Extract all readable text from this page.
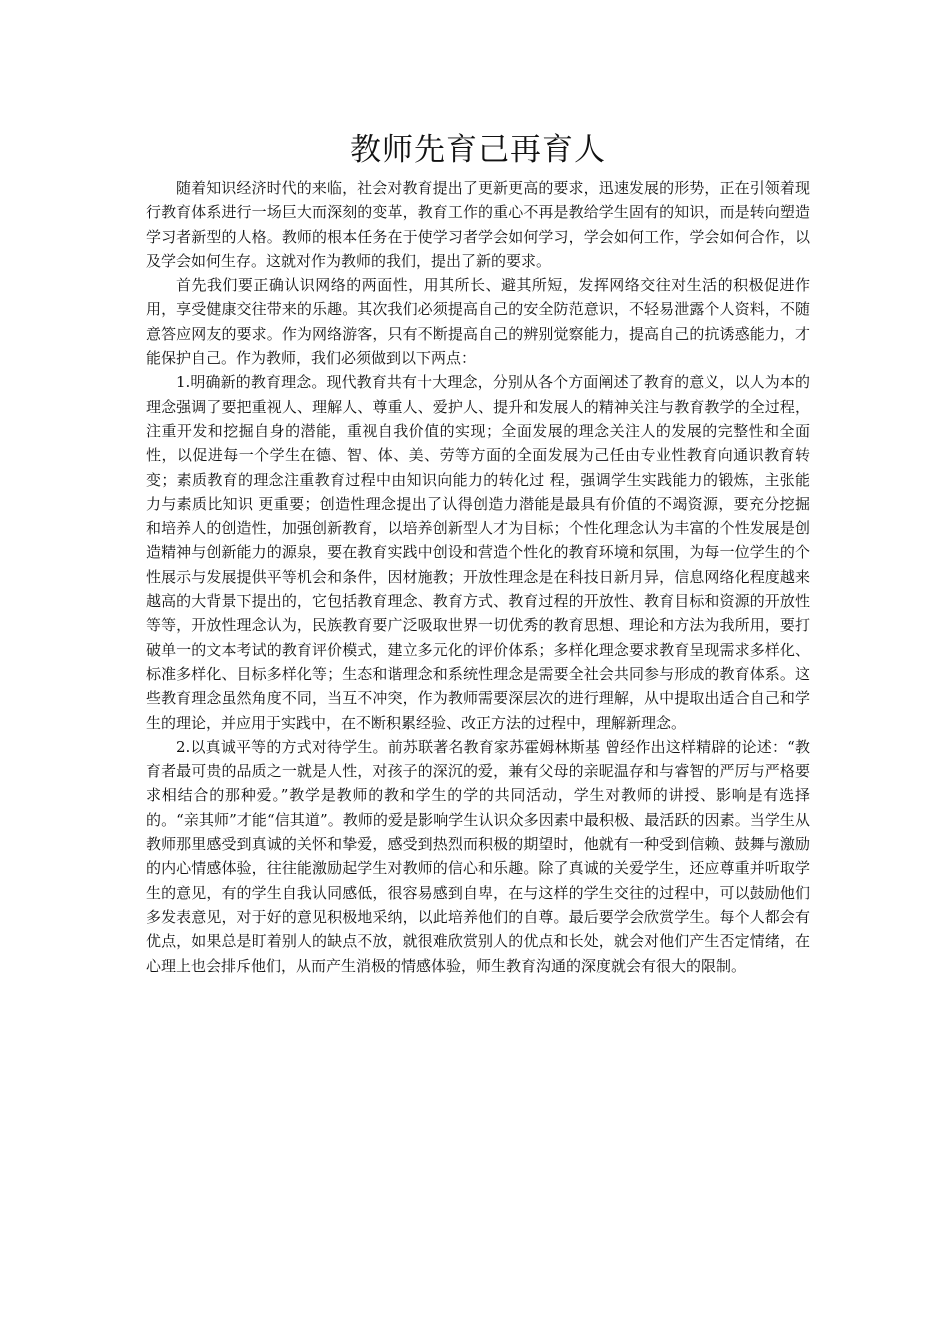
教师先育己再育人

随着知识经济时代的来临，社会对教育提出了更新更高的要求，迅速发展的形势，正在引领着现行教育体系进行一场巨大而深刻的变革，教育工作的重心不再是教给学生固有的知识，而是转向塑造学习者新型的人格。教师的根本任务在于使学习者学会如何学习，学会如何工作，学会如何合作，以及学会如何生存。这就对作为教师的我们，提出了新的要求。

首先我们要正确认识网络的两面性，用其所长、避其所短，发挥网络交往对生活的积极促进作用，享受健康交往带来的乐趣。其次我们必须提高自己的安全防范意识，不轻易泄露个人资料，不随意答应网友的要求。作为网络游客，只有不断提高自己的辨别觉察能力，提高自己的抗诱惑能力，才能保护自己。作为教师，我们必须做到以下两点：

1.明确新的教育理念。现代教育共有十大理念，分别从各个方面阐述了教育的意义，以人为本的理念强调了要把重视人、理解人、尊重人、爱护人、提升和发展人的精神关注与教育教学的全过程，注重开发和挖掘自身的潜能，重视自我价值的实现；全面发展的理念关注人的发展的完整性和全面性，以促进每一个学生在德、智、体、美、劳等方面的全面发展为己任由专业性教育向通识教育转变；素质教育的理念注重教育过程中由知识向能力的转化过 程，强调学生实践能力的锻炼，主张能力与素质比知识 更重要；创造性理念提出了认得创造力潜能是最具有价值的不竭资源，要充分挖掘和培养人的创造性，加强创新教育，以培养创新型人才为目标；个性化理念认为丰富的个性发展是创造精神与创新能力的源泉，要在教育实践中创设和营造个性化的教育环境和氛围，为每一位学生的个性展示与发展提供平等机会和条件，因材施教；开放性理念是在科技日新月异，信息网络化程度越来越高的大背景下提出的，它包括教育理念、教育方式、教育过程的开放性、教育目标和资源的开放性等等，开放性理念认为，民族教育要广泛吸取世界一切优秀的教育思想、理论和方法为我所用，要打破单一的文本考试的教育评价模式，建立多元化的评价体系；多样化理念要求教育呈现需求多样化、标准多样化、目标多样化等；生态和谐理念和系统性理念是需要全社会共同参与形成的教育体系。这些教育理念虽然角度不同，当互不冲突，作为教师需要深层次的进行理解，从中提取出适合自己和学生的理论，并应用于实践中，在不断积累经验、改正方法的过程中，理解新理念。

2.以真诚平等的方式对待学生。前苏联著名教育家苏霍姆林斯基 曾经作出这样精辟的论述：“教育者最可贵的品质之一就是人性，对孩子的深沉的爱，兼有父母的亲昵温存和与睿智的严厉与严格要求相结合的那种爱。”教学是教师的教和学生的学的共同活动，学生对教师的讲授、影响是有选择的。“亲其师”才能“信其道”。教师的爱是影响学生认识众多因素中最积极、最活跃的因素。当学生从教师那里感受到真诚的关怀和挚爱，感受到热烈而积极的期望时，他就有一种受到信赖、鼓舞与激励的内心情感体验，往往能激励起学生对教师的信心和乐趣。除了真诚的关爱学生，还应尊重并听取学生的意见，有的学生自我认同感低，很容易感到自卑，在与这样的学生交往的过程中，可以鼓励他们多发表意见，对于好的意见积极地采纳，以此培养他们的自尊。最后要学会欣赏学生。每个人都会有优点，如果总是盯着别人的缺点不放，就很难欣赏别人的优点和长处，就会对他们产生否定情绪，在心理上也会排斥他们，从而产生消极的情感体验，师生教育沟通的深度就会有很大的限制。
